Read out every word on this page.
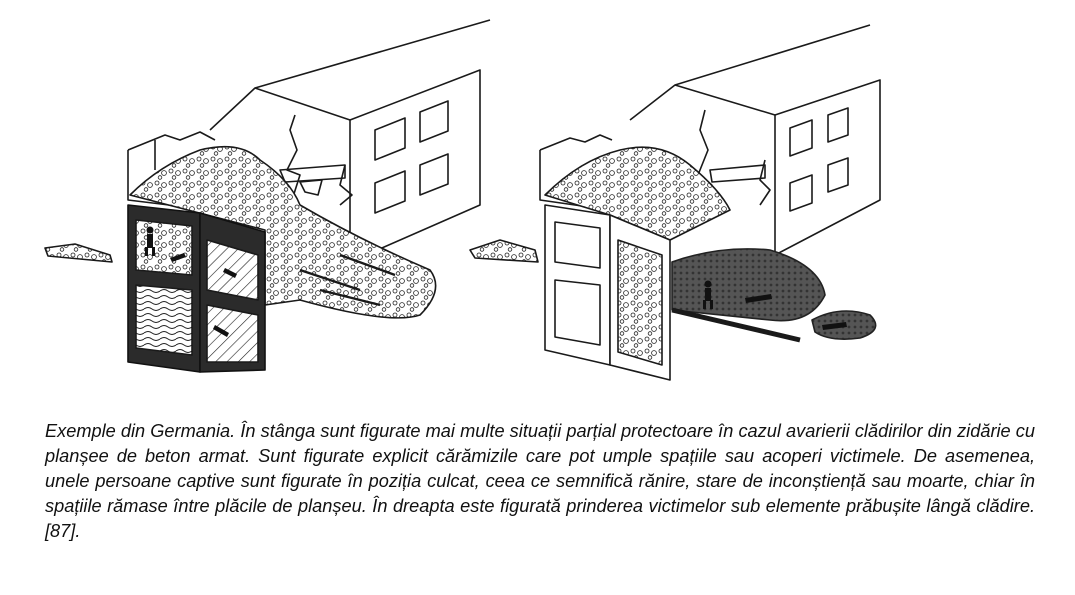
Exemple din Germania. În stânga sunt figurate mai multe situații parțial protectoare în cazul avarierii clădirilor din zidărie cu planșee de beton armat. Sunt figurate explicit cărămizile care pot umple spațiile sau acoperi victimele. De asemenea, unele persoane captive sunt figurate în poziția culcat, ceea ce semnifică rănire, stare de inconștiență sau moarte, chiar în spațiile rămase între plăcile de planșeu. În dreapta este figurată prinderea victimelor sub elemente prăbușite lângă clădire. [87].
